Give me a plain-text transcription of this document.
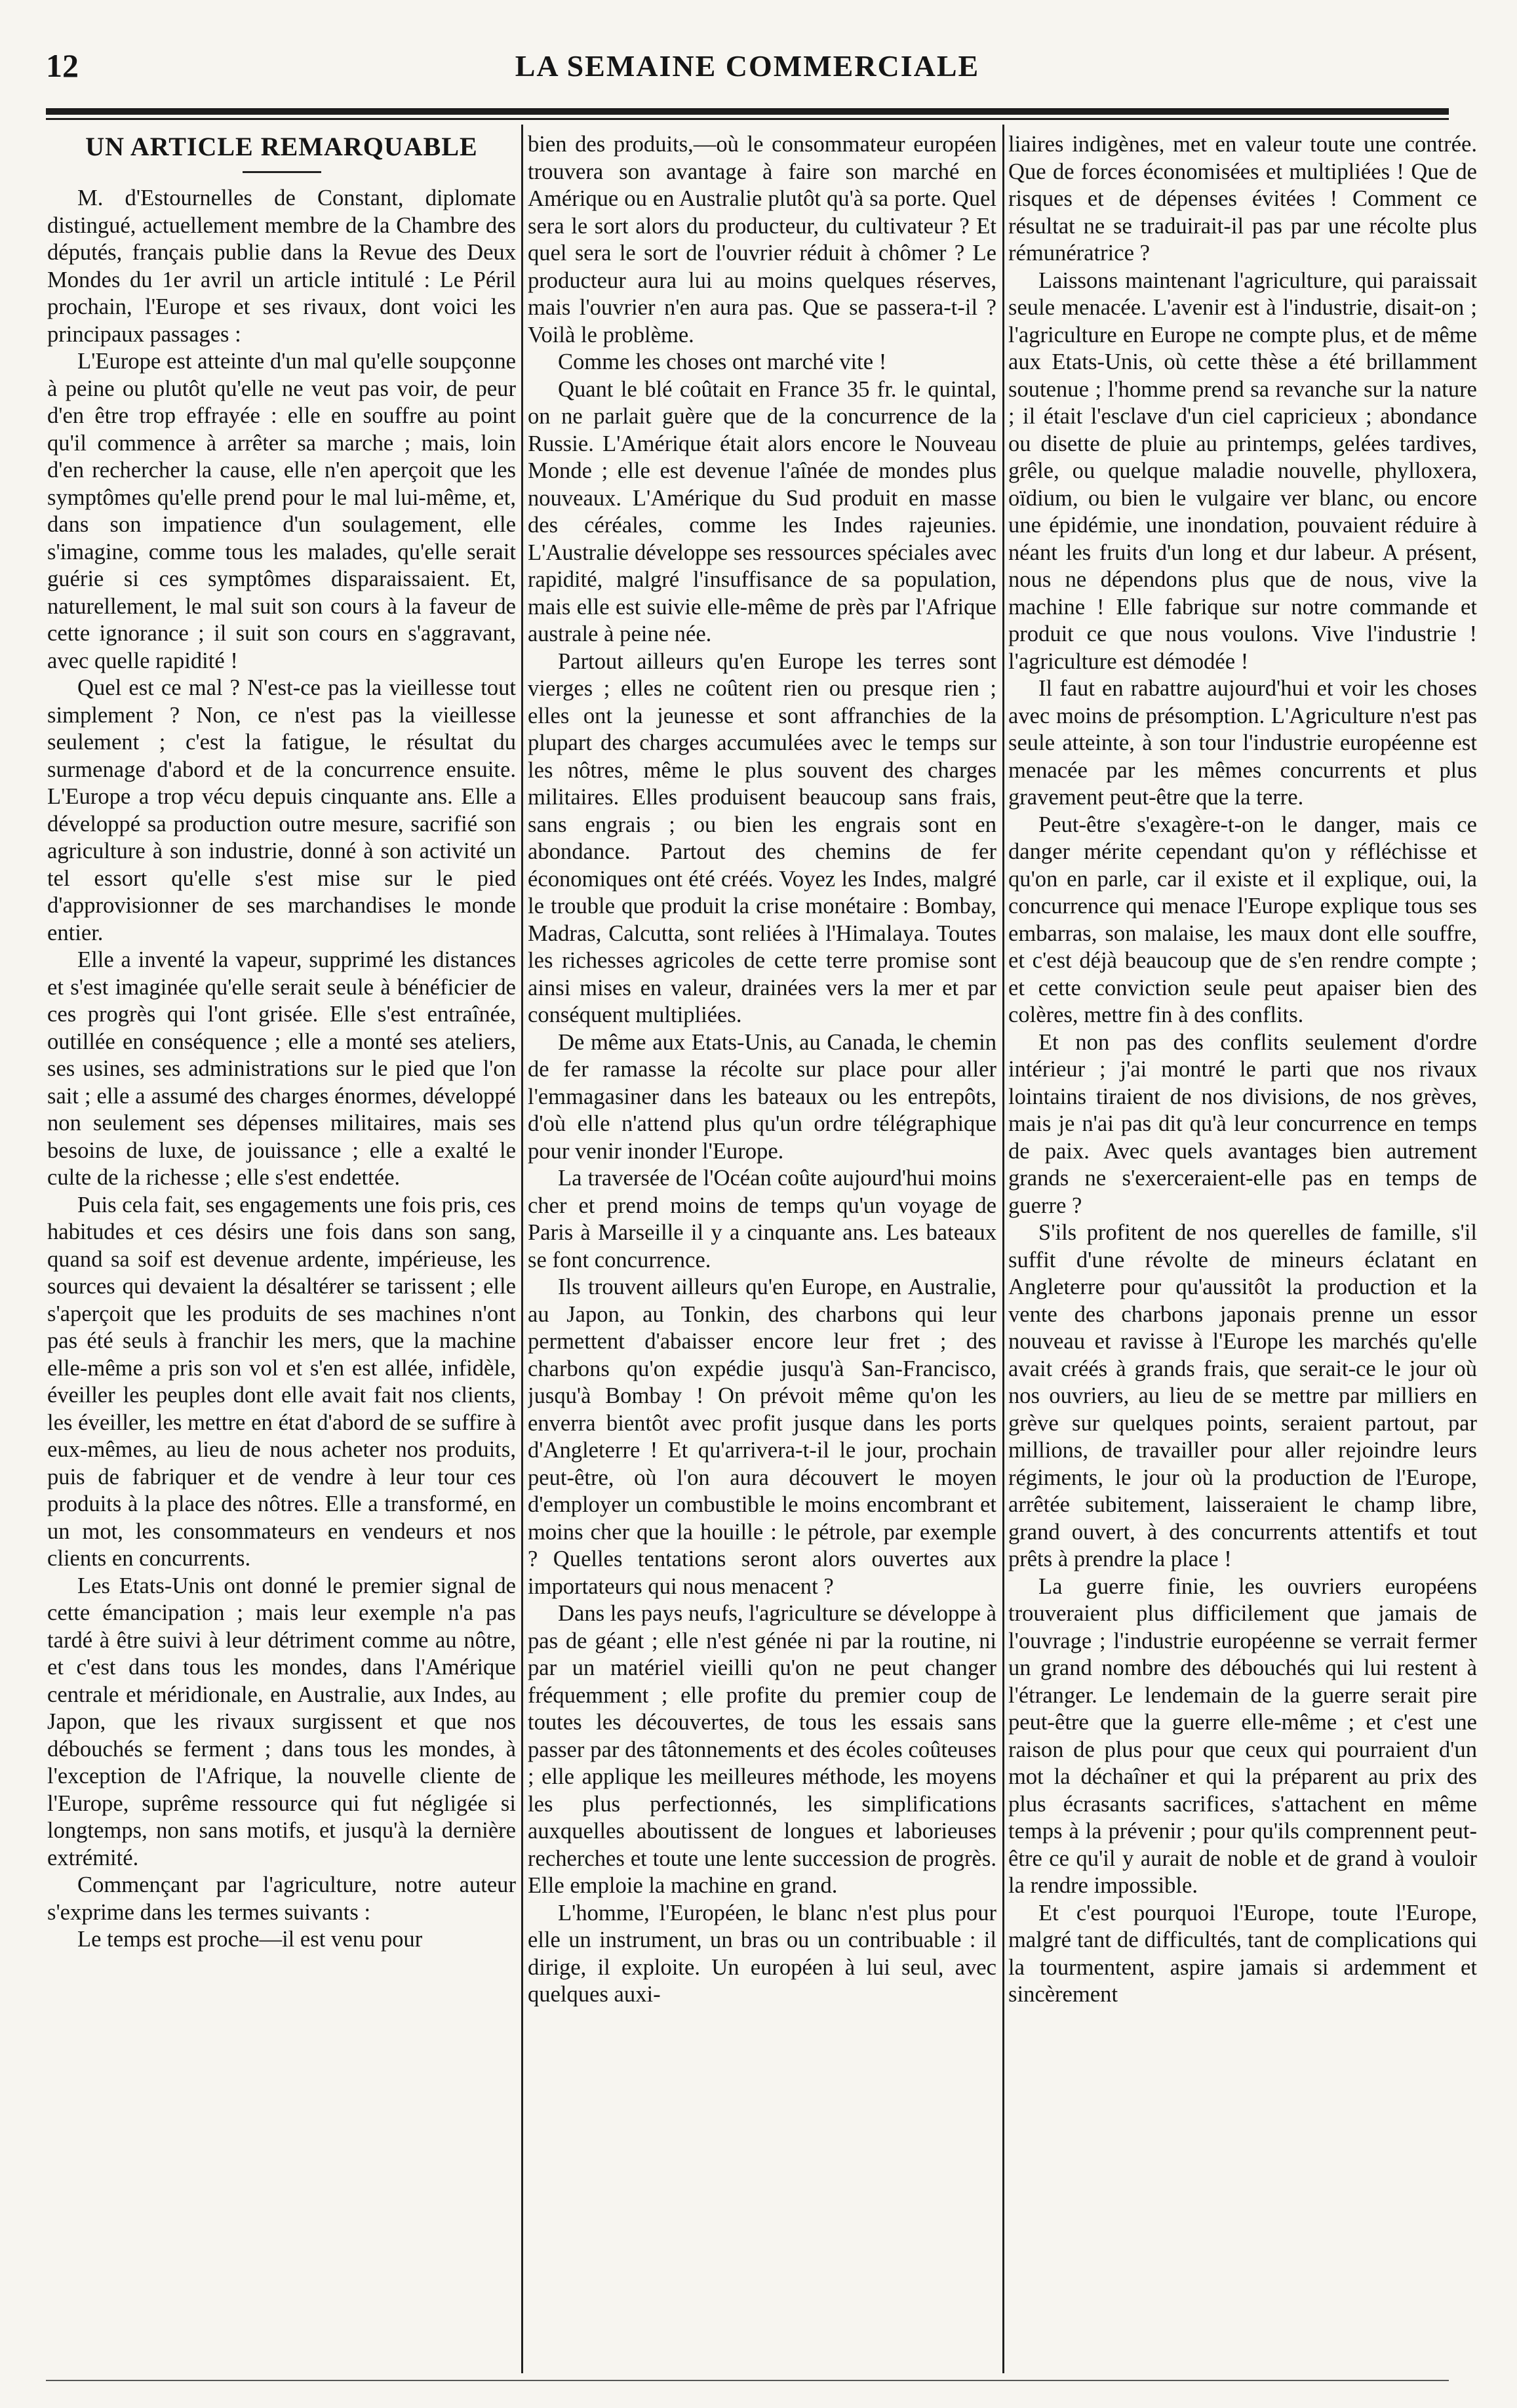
12	LA SEMAINE COMMERCIALE
UN ARTICLE REMARQUABLE

M. d'Estournelles de Constant, diplomate distingué, actuellement membre de la Chambre des députés, français publie dans la Revue des Deux Mondes du 1er avril un article intitulé : Le Péril prochain, l'Europe et ses rivaux, dont voici les principaux passages :

L'Europe est atteinte d'un mal qu'elle soupçonne à peine ou plutôt qu'elle ne veut pas voir, de peur d'en être trop effrayée : elle en souffre au point qu'il commence à arrêter sa marche ; mais, loin d'en rechercher la cause, elle n'en aperçoit que les symptômes qu'elle prend pour le mal lui-même, et, dans son impatience d'un soulagement, elle s'imagine, comme tous les malades, qu'elle serait guérie si ces symptômes disparaissaient. Et, naturellement, le mal suit son cours à la faveur de cette ignorance ; il suit son cours en s'aggravant, avec quelle rapidité !

Quel est ce mal ? N'est-ce pas la vieillesse tout simplement ? Non, ce n'est pas la vieillesse seulement ; c'est la fatigue, le résultat du surmenage d'abord et de la concurrence ensuite. L'Europe a trop vécu depuis cinquante ans. Elle a développé sa production outre mesure, sacrifié son agriculture à son industrie, donné à son activité un tel essort qu'elle s'est mise sur le pied d'approvisionner de ses marchandises le monde entier.

Elle a inventé la vapeur, supprimé les distances et s'est imaginée qu'elle serait seule à bénéficier de ces progrès qui l'ont grisée. Elle s'est entraînée, outillée en conséquence ; elle a monté ses ateliers, ses usines, ses administrations sur le pied que l'on sait ; elle a assumé des charges énormes, développé non seulement ses dépenses militaires, mais ses besoins de luxe, de jouissance ; elle a exalté le culte de la richesse ; elle s'est endettée.

Puis cela fait, ses engagements une fois pris, ces habitudes et ces désirs une fois dans son sang, quand sa soif est devenue ardente, impérieuse, les sources qui devaient la désaltérer se tarissent ; elle s'aperçoit que les produits de ses machines n'ont pas été seuls à franchir les mers, que la machine elle-même a pris son vol et s'en est allée, infidèle, éveiller les peuples dont elle avait fait nos clients, les éveiller, les mettre en état d'abord de se suffire à eux-mêmes, au lieu de nous acheter nos produits, puis de fabriquer et de vendre à leur tour ces produits à la place des nôtres. Elle a transformé, en un mot, les consommateurs en vendeurs et nos clients en concurrents.

Les Etats-Unis ont donné le premier signal de cette émancipation ; mais leur exemple n'a pas tardé à être suivi à leur détriment comme au nôtre, et c'est dans tous les mondes, dans l'Amérique centrale et méridionale, en Australie, aux Indes, au Japon, que les rivaux surgissent et que nos débouchés se ferment ; dans tous les mondes, à l'exception de l'Afrique, la nouvelle cliente de l'Europe, suprême ressource qui fut négligée si longtemps, non sans motifs, et jusqu'à la dernière extrémité.

Commençant par l'agriculture, notre auteur s'exprime dans les termes suivants :

Le temps est proche—il est venu pour

bien des produits,—où le consommateur européen trouvera son avantage à faire son marché en Amérique ou en Australie plutôt qu'à sa porte. Quel sera le sort alors du producteur, du cultivateur ? Et quel sera le sort de l'ouvrier réduit à chômer ? Le producteur aura lui au moins quelques réserves, mais l'ouvrier n'en aura pas. Que se passera-t-il ? Voilà le problème.

Comme les choses ont marché vite !

Quant le blé coûtait en France 35 fr. le quintal, on ne parlait guère que de la concurrence de la Russie. L'Amérique était alors encore le Nouveau Monde ; elle est devenue l'aînée de mondes plus nouveaux. L'Amérique du Sud produit en masse des céréales, comme les Indes rajeunies. L'Australie développe ses ressources spéciales avec rapidité, malgré l'insuffisance de sa population, mais elle est suivie elle-même de près par l'Afrique australe à peine née.

Partout ailleurs qu'en Europe les terres sont vierges ; elles ne coûtent rien ou presque rien ; elles ont la jeunesse et sont affranchies de la plupart des charges accumulées avec le temps sur les nôtres, même le plus souvent des charges militaires. Elles produisent beaucoup sans frais, sans engrais ; ou bien les engrais sont en abondance. Partout des chemins de fer économiques ont été créés. Voyez les Indes, malgré le trouble que produit la crise monétaire : Bombay, Madras, Calcutta, sont reliées à l'Himalaya. Toutes les richesses agricoles de cette terre promise sont ainsi mises en valeur, drainées vers la mer et par conséquent multipliées.

De même aux Etats-Unis, au Canada, le chemin de fer ramasse la récolte sur place pour aller l'emmagasiner dans les bateaux ou les entrepôts, d'où elle n'attend plus qu'un ordre télégraphique pour venir inonder l'Europe.

La traversée de l'Océan coûte aujourd'hui moins cher et prend moins de temps qu'un voyage de Paris à Marseille il y a cinquante ans. Les bateaux se font concurrence.

Ils trouvent ailleurs qu'en Europe, en Australie, au Japon, au Tonkin, des charbons qui leur permettent d'abaisser encore leur fret ; des charbons qu'on expédie jusqu'à San-Francisco, jusqu'à Bombay ! On prévoit même qu'on les enverra bientôt avec profit jusque dans les ports d'Angleterre ! Et qu'arrivera-t-il le jour, prochain peut-être, où l'on aura découvert le moyen d'employer un combustible le moins encombrant et moins cher que la houille : le pétrole, par exemple ? Quelles tentations seront alors ouvertes aux importateurs qui nous menacent ?

Dans les pays neufs, l'agriculture se développe à pas de géant ; elle n'est génée ni par la routine, ni par un matériel vieilli qu'on ne peut changer fréquemment ; elle profite du premier coup de toutes les découvertes, de tous les essais sans passer par des tâtonnements et des écoles coûteuses ; elle applique les meilleures méthode, les moyens les plus perfectionnés, les simplifications auxquelles aboutissent de longues et laborieuses recherches et toute une lente succession de progrès. Elle emploie la machine en grand.

L'homme, l'Européen, le blanc n'est plus pour elle un instrument, un bras ou un contribuable : il dirige, il exploite. Un européen à lui seul, avec quelques auxi-

liaires indigènes, met en valeur toute une contrée. Que de forces économisées et multipliées ! Que de risques et de dépenses évitées ! Comment ce résultat ne se traduirait-il pas par une récolte plus rémunératrice ?

Laissons maintenant l'agriculture, qui paraissait seule menacée. L'avenir est à l'industrie, disait-on ; l'agriculture en Europe ne compte plus, et de même aux Etats-Unis, où cette thèse a été brillamment soutenue ; l'homme prend sa revanche sur la nature ; il était l'esclave d'un ciel capricieux ; abondance ou disette de pluie au printemps, gelées tardives, grêle, ou quelque maladie nouvelle, phylloxera, oïdium, ou bien le vulgaire ver blanc, ou encore une épidémie, une inondation, pouvaient réduire à néant les fruits d'un long et dur labeur. A présent, nous ne dépendons plus que de nous, vive la machine ! Elle fabrique sur notre commande et produit ce que nous voulons. Vive l'industrie ! l'agriculture est démodée !

Il faut en rabattre aujourd'hui et voir les choses avec moins de présomption. L'Agriculture n'est pas seule atteinte, à son tour l'industrie européenne est menacée par les mêmes concurrents et plus gravement peut-être que la terre.

Peut-être s'exagère-t-on le danger, mais ce danger mérite cependant qu'on y réfléchisse et qu'on en parle, car il existe et il explique, oui, la concurrence qui menace l'Europe explique tous ses embarras, son malaise, les maux dont elle souffre, et c'est déjà beaucoup que de s'en rendre compte ; et cette conviction seule peut apaiser bien des colères, mettre fin à des conflits.

Et non pas des conflits seulement d'ordre intérieur ; j'ai montré le parti que nos rivaux lointains tiraient de nos divisions, de nos grèves, mais je n'ai pas dit qu'à leur concurrence en temps de paix. Avec quels avantages bien autrement grands ne s'exerceraient-elle pas en temps de guerre ?

S'ils profitent de nos querelles de famille, s'il suffit d'une révolte de mineurs éclatant en Angleterre pour qu'aussitôt la production et la vente des charbons japonais prenne un essor nouveau et ravisse à l'Europe les marchés qu'elle avait créés à grands frais, que serait-ce le jour où nos ouvriers, au lieu de se mettre par milliers en grève sur quelques points, seraient partout, par millions, de travailler pour aller rejoindre leurs régiments, le jour où la production de l'Europe, arrêtée subitement, laisseraient le champ libre, grand ouvert, à des concurrents attentifs et tout prêts à prendre la place !

La guerre finie, les ouvriers européens trouveraient plus difficilement que jamais de l'ouvrage ; l'industrie européenne se verrait fermer un grand nombre des débouchés qui lui restent à l'étranger. Le lendemain de la guerre serait pire peut-être que la guerre elle-même ; et c'est une raison de plus pour que ceux qui pourraient d'un mot la déchaîner et qui la préparent au prix des plus écrasants sacrifices, s'attachent en même temps à la prévenir ; pour qu'ils comprennent peut-être ce qu'il y aurait de noble et de grand à vouloir la rendre impossible.

Et c'est pourquoi l'Europe, toute l'Europe, malgré tant de difficultés, tant de complications qui la tourmentent, aspire jamais si ardemment et sincèrement
